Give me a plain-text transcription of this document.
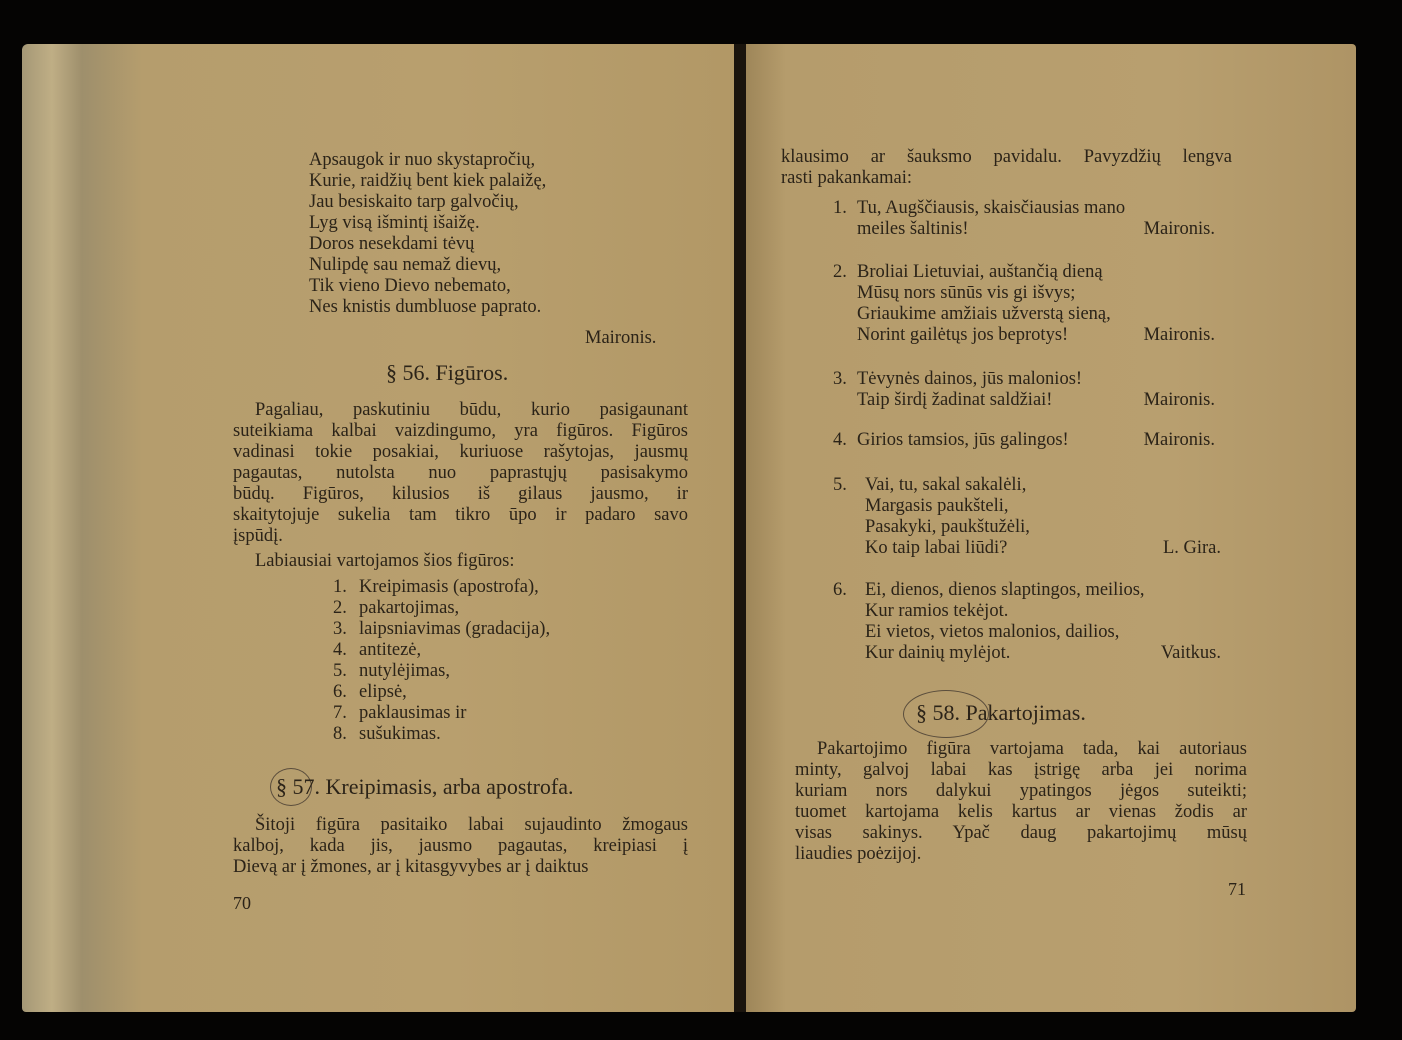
Apsaugok ir nuo skystapročių,
Kurie, raidžių bent kiek palaižę,
Jau besiskaito tarp galvočių,
Lyg visą išmintį išaižę.
Doros nesekdami tėvų
Nulipdę sau nemaž dievų,
Tik vieno Dievo nebemato,
Nes knistis dumbluose paprato.
Maironis.
§ 56. Figūros.
Pagaliau, paskutiniu būdu, kurio pasigaunant
suteikiama kalbai vaizdingumo, yra figūros. Figūros
vadinasi tokie posakiai, kuriuose rašytojas, jausmų
pagautas, nutolsta nuo paprastųjų pasisakymo
būdų. Figūros, kilusios iš gilaus jausmo, ir
skaitytojuje sukelia tam tikro ūpo ir padaro savo
įspūdį.
Labiausiai vartojamos šios figūros:
1. Kreipimasis (apostrofa),
2. pakartojimas,
3. laipsniavimas (gradacija),
4. antitezė,
5. nutylėjimas,
6. elipsė,
7. paklausimas ir
8. sušukimas.
§ 57. Kreipimasis, arba apostrofa.
Šitoji figūra pasitaiko labai sujaudinto žmogaus
kalboj, kada jis, jausmo pagautas, kreipiasi į
Dievą ar į žmones, ar į kitasgyvybes ar į daiktus
70
klausimo ar šauksmo pavidalu. Pavyzdžių lengva
rasti pakankamai:
1. Tu, Augščiausis, skaisčiausias mano
meiles šaltinis!	Maironis.
2. Broliai Lietuviai, auštančią dieną
Mūsų nors sūnūs vis gi išvys;
Griaukime amžiais užverstą sieną,
Norint gailėtųs jos beprotys!	Maironis.
3. Tėvynės dainos, jūs malonios!
Taip širdį žadinat saldžiai!	Maironis.
4. Girios tamsios, jūs galingos!	Maironis.
5. Vai, tu, sakal sakalėli,
Margasis paukšteli,
Pasakyki, paukštužėli,
Ko taip labai liūdi?	L. Gira.
6. Ei, dienos, dienos slaptingos, meilios,
Kur ramios tekėjot.
Ei vietos, vietos malonios, dailios,
Kur dainių mylėjot.	Vaitkus.
§ 58. Pakartojimas.
Pakartojimo figūra vartojama tada, kai autoriaus
minty, galvoj labai kas įstrigę arba jei norima
kuriam nors dalykui ypatingos jėgos suteikti;
tuomet kartojama kelis kartus ar vienas žodis ar
visas sakinys. Ypač daug pakartojimų mūsų
liaudies poėzijoj.
71
